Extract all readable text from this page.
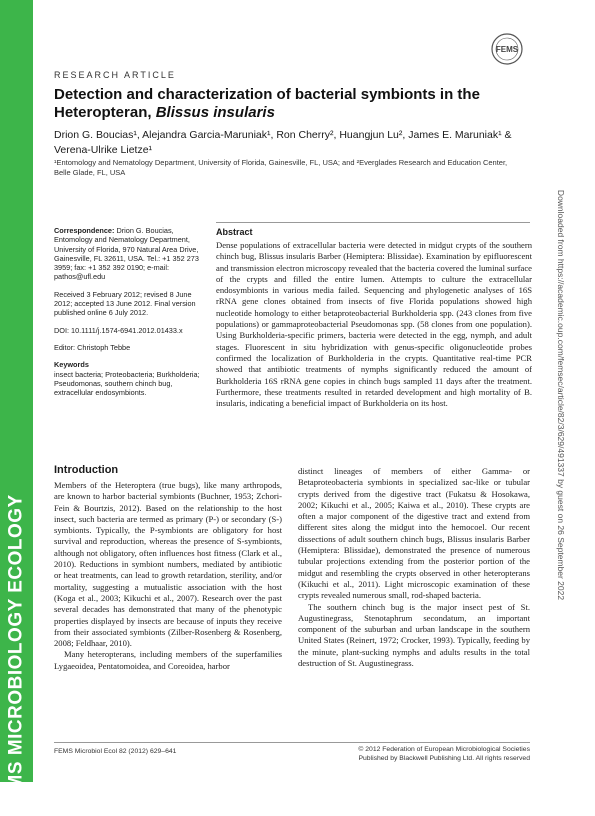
FEMS MICROBIOLOGY ECOLOGY
Downloaded from https://academic.oup.com/femsec/article/82/3/629/491337 by guest on 26 September 2022
FEMS
RESEARCH ARTICLE
Detection and characterization of bacterial symbionts in the Heteropteran, Blissus insularis
Drion G. Boucias¹, Alejandra Garcia-Maruniak¹, Ron Cherry², Huangjun Lu², James E. Maruniak¹ & Verena-Ulrike Lietze¹
¹Entomology and Nematology Department, University of Florida, Gainesville, FL, USA; and ²Everglades Research and Education Center, Belle Glade, FL, USA

Correspondence: Drion G. Boucias, Entomology and Nematology Department, University of Florida, 970 Natural Area Drive, Gainesville, FL 32611, USA. Tel.: +1 352 273 3959; fax: +1 352 392 0190; e-mail: pathos@ufl.edu

Received 3 February 2012; revised 8 June 2012; accepted 13 June 2012. Final version published online 6 July 2012.

DOI: 10.1111/j.1574-6941.2012.01433.x

Editor: Christoph Tebbe

Keywords

insect bacteria; Proteobacteria; Burkholderia; Pseudomonas, southern chinch bug, extracellular endosymbionts.

Abstract
Dense populations of extracellular bacteria were detected in midgut crypts of the southern chinch bug, Blissus insularis Barber (Hemiptera: Blissidae). Examination by epifluorescent and transmission electron microscopy revealed that the bacteria covered the luminal surface of the crypts and filled the entire lumen. Attempts to culture the extracellular endosymbionts in various media failed. Sequencing and phylogenetic analyses of 16S rRNA gene clones obtained from insects of five Florida populations showed high nucleotide homology to either betaproteobacterial Burkholderia spp. (243 clones from five populations) or gammaproteobacterial Pseudomonas spp. (58 clones from one population). Using Burkholderia-specific primers, bacteria were detected in the egg, nymph, and adult stages. Fluorescent in situ hybridization with genus-specific oligonucleotide probes confirmed the localization of Burkholderia in the crypts. Quantitative real-time PCR showed that antibiotic treatments of nymphs significantly reduced the amount of Burkholderia 16S rRNA gene copies in chinch bugs sampled 11 days after the treatment. Furthermore, these treatments resulted in retarded development and high mortality of B. insularis, indicating a beneficial impact of Burkholderia on its host.
Introduction

Members of the Heteroptera (true bugs), like many arthropods, are known to harbor bacterial symbionts (Buchner, 1953; Zchori-Fein & Bourtzis, 2012). Based on the relationship to the host insect, such bacteria are termed as primary (P-) or secondary (S-) symbionts. Typically, the P-symbionts are obligatory for host survival and reproduction, whereas the presence of S-symbionts, although not obligatory, often influences host fitness (Clark et al., 2010). Reductions in symbiont numbers, mediated by antibiotic or heat treatments, can lead to growth retardation, sterility, and/or mortality, suggesting a mutualistic association with the host (Koga et al., 2003; Kikuchi et al., 2007). Research over the past several decades has demonstrated that many of the phenotypic properties displayed by insects are because of inputs they receive from their associated symbionts (Zilber-Rosenberg & Rosenberg, 2008; Feldhaar, 2010).

Many heteropterans, including members of the superfamilies Lygaeoidea, Pentatomoidea, and Coreoidea, harbor

distinct lineages of members of either Gamma- or Betaproteobacteria symbionts in specialized sac-like or tubular crypts derived from the digestive tract (Fukatsu & Hosokawa, 2002; Kikuchi et al., 2005; Kaiwa et al., 2010). These crypts are often a major component of the digestive tract and extend from different sites along the midgut into the hemocoel. Our recent dissections of adult southern chinch bugs, Blissus insularis Barber (Hemiptera: Blissidae), demonstrated the presence of numerous tubular projections extending from the posterior portion of the midgut and resembling the crypts observed in other heteropterans (Kikuchi et al., 2011). Light microscopic examination of these crypts revealed numerous small, rod-shaped bacteria.

The southern chinch bug is the major insect pest of St. Augustinegrass, Stenotaphrum secondatum, an important component of the suburban and urban landscape in the southern United States (Reinert, 1972; Crocker, 1993). Typically, feeding by the minute, plant-sucking nymphs and adults results in the total destruction of St. Augustinegrass.

FEMS Microbiol Ecol 82 (2012) 629–641	© 2012 Federation of European Microbiological Societies
Published by Blackwell Publishing Ltd. All rights reserved
